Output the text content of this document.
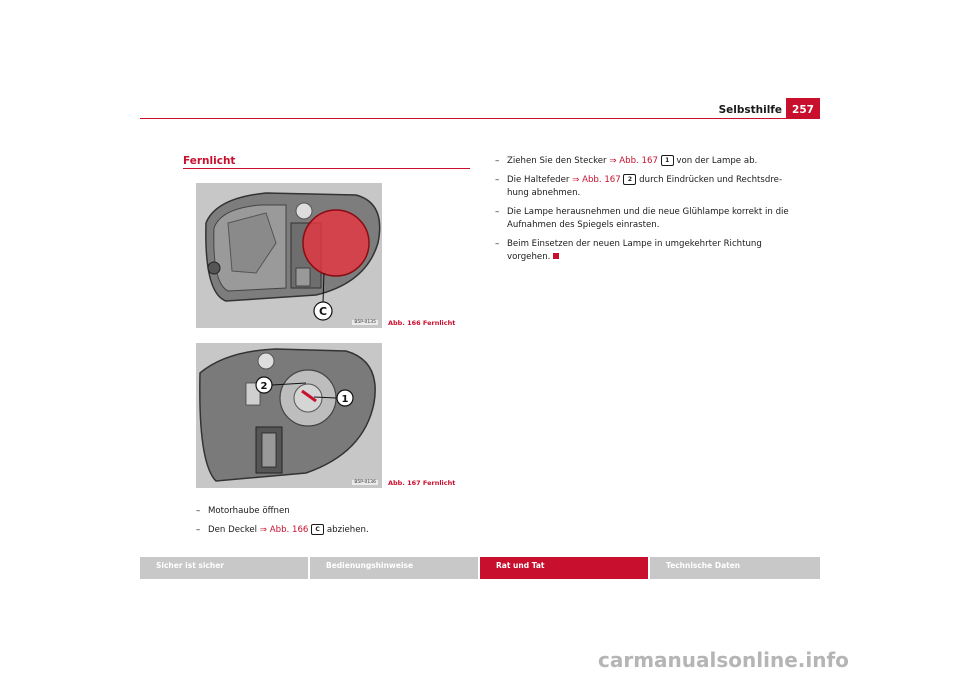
Selbsthilfe 257
Fernlicht
C
B5P-0135	Abb. 166 Fernlicht
2
1
B5P-0136	Abb. 167 Fernlicht
– Motorhaube öffnen
– Den Deckel ⇒ Abb. 166 C abziehen.
– Ziehen Sie den Stecker ⇒ Abb. 167 1 von der Lampe ab.
– Die Haltefeder ⇒ Abb. 167 2 durch Eindrücken und Rechtsdre-
hung abnehmen.
– Die Lampe herausnehmen und die neue Glühlampe korrekt in die
Aufnahmen des Spiegels einrasten.
– Beim Einsetzen der neuen Lampe in umgekehrter Richtung
vorgehen.
Sicher ist sicher	Bedienungshinweise	Rat und Tat	Technische Daten
carmanualsonline.info
